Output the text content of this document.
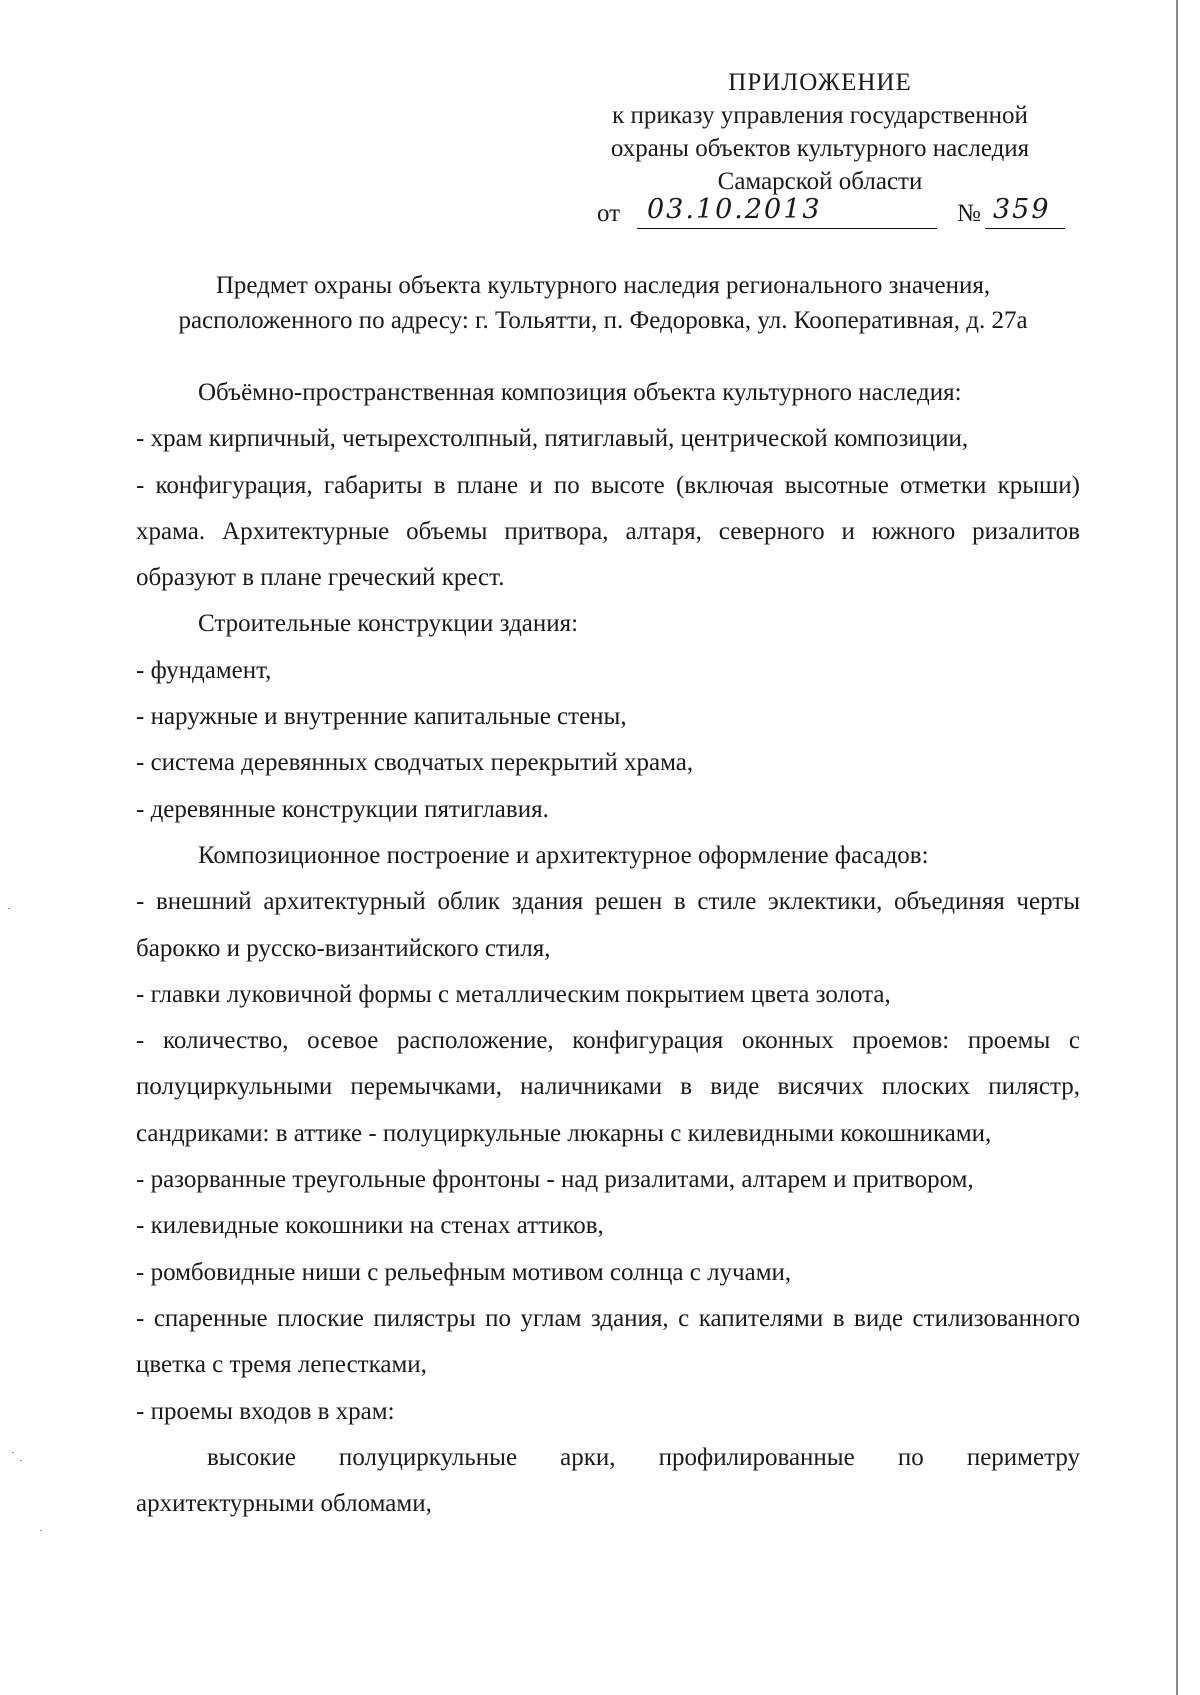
ПРИЛОЖЕНИЕ
к приказу управления государственной
охраны объектов культурного наследия
Самарской области
от 03.10.2013	№ 359
Предмет охраны объекта культурного наследия регионального значения,
расположенного по адресу: г. Тольятти, п. Федоровка, ул. Кооперативная, д. 27а

Объёмно-пространственная композиция объекта культурного наследия:

- храм кирпичный, четырехстолпный, пятиглавый, центрической композиции,

- конфигурация, габариты в плане и по высоте (включая высотные отметки крыши) храма. Архитектурные объемы притвора, алтаря, северного и южного ризалитов образуют в плане греческий крест.

Строительные конструкции здания:

- фундамент,

- наружные и внутренние капитальные стены,

- система деревянных сводчатых перекрытий храма,

- деревянные конструкции пятиглавия.

Композиционное построение и архитектурное оформление фасадов:

- внешний архитектурный облик здания решен в стиле эклектики, объединяя черты барокко и русско-византийского стиля,

- главки луковичной формы с металлическим покрытием цвета золота,

- количество, осевое расположение, конфигурация оконных проемов: проемы с полуциркульными перемычками, наличниками в виде висячих плоских пилястр, сандриками: в аттике - полуциркульные люкарны с килевидными кокошниками,

- разорванные треугольные фронтоны - над ризалитами, алтарем и притвором,

- килевидные кокошники на стенах аттиков,

- ромбовидные ниши с рельефным мотивом солнца с лучами,

- спаренные плоские пилястры по углам здания, с капителями в виде стилизованного цветка с тремя лепестками,

- проемы входов в храм:

высокие полуциркульные арки, профилированные по периметру архитектурными обломами,
